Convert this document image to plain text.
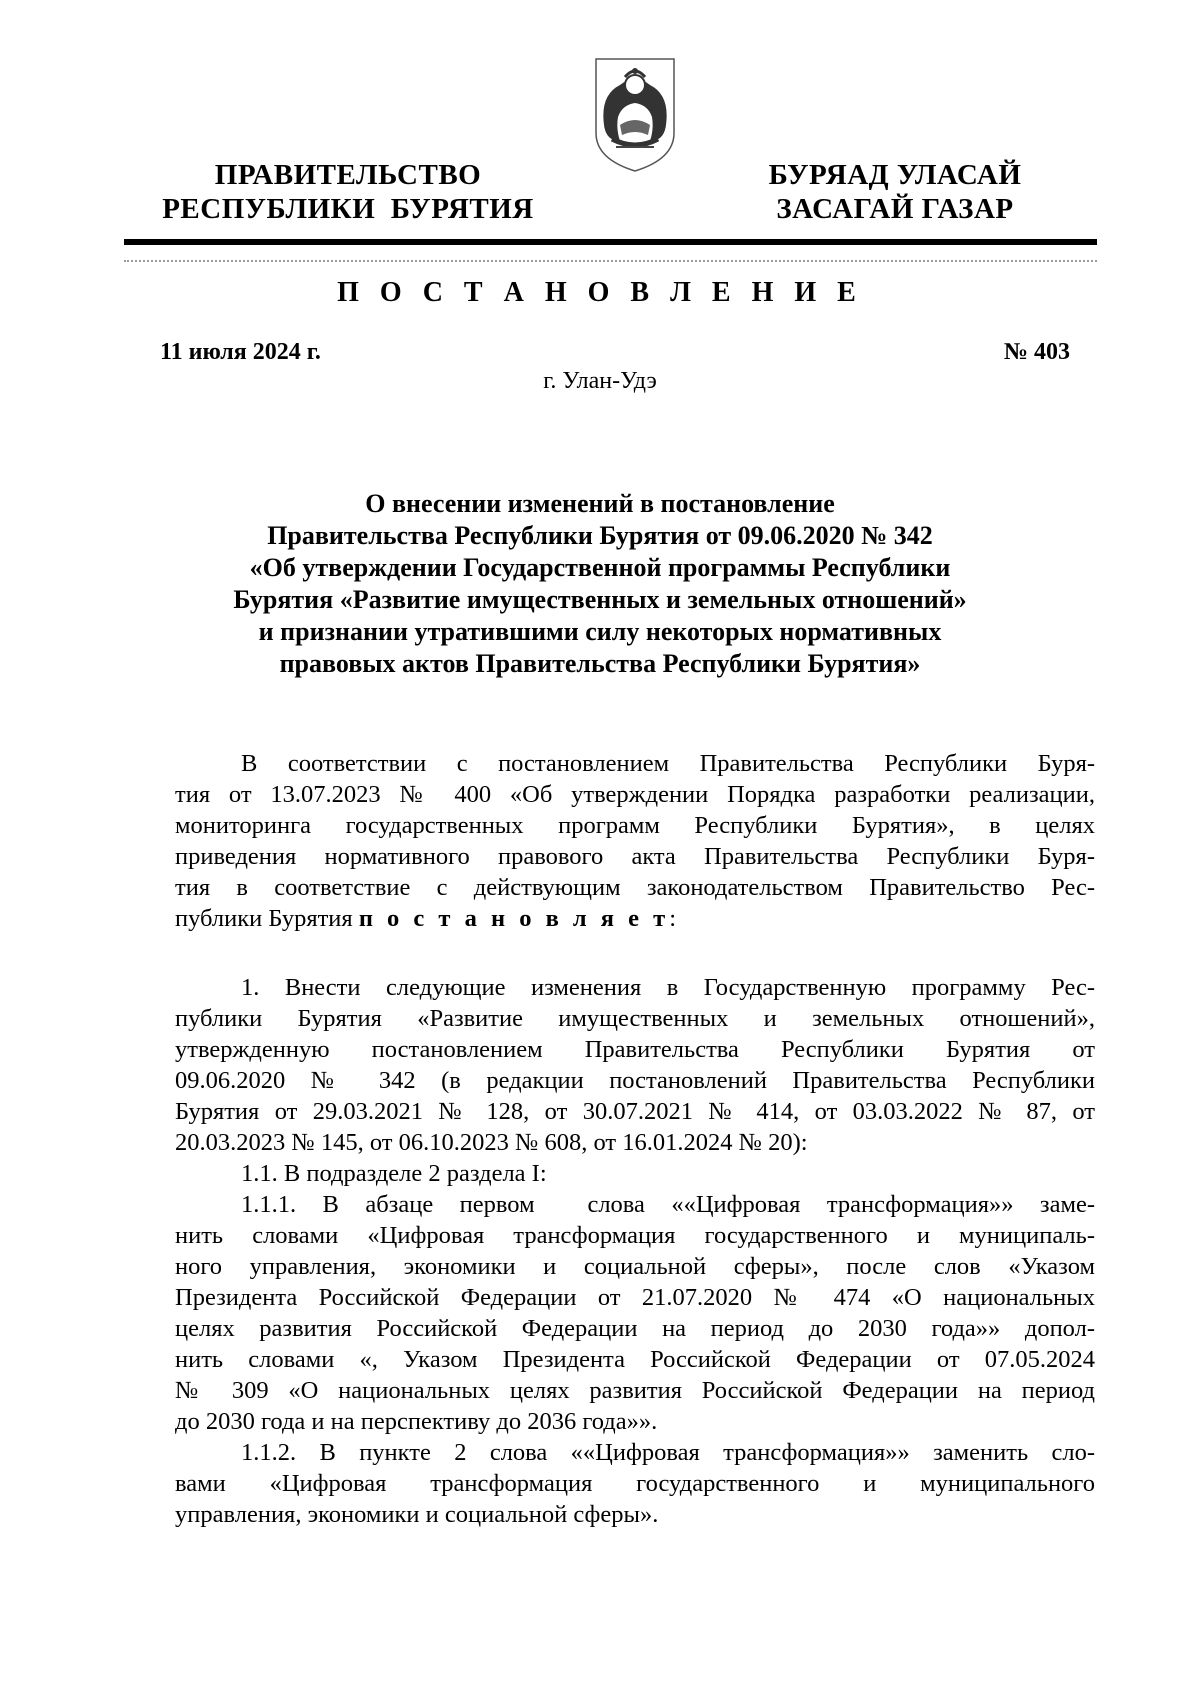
ПРАВИТЕЛЬСТВО
РЕСПУБЛИКИ  БУРЯТИЯ
БУРЯАД УЛАСАЙ
ЗАСАГАЙ ГАЗАР
П О С Т А Н О В Л Е Н И Е
11 июля 2024 г.	№ 403
г. Улан-Удэ
О внесении изменений в постановление
Правительства Республики Бурятия от 09.06.2020 № 342
«Об утверждении Государственной программы Республики
Бурятия «Развитие имущественных и земельных отношений»
и признании утратившими силу некоторых нормативных
правовых актов Правительства Республики Бурятия»
В соответствии с постановлением Правительства Республики Буря-
тия от 13.07.2023 № 400 «Об утверждении Порядка разработки реализации,
мониторинга государственных программ Республики Бурятия», в целях
приведения нормативного правового акта Правительства Республики Буря-
тия в соответствие с действующим законодательством Правительство Рес-
публики Бурятия п о с т а н о в л я е т:
1. Внести следующие изменения в Государственную программу Рес-
публики Бурятия «Развитие имущественных и земельных отношений»,
утвержденную постановлением Правительства Республики Бурятия от
09.06.2020 № 342 (в редакции постановлений Правительства Республики
Бурятия от 29.03.2021 № 128, от 30.07.2021 № 414, от 03.03.2022 № 87, от
20.03.2023 № 145, от 06.10.2023 № 608, от 16.01.2024 № 20):
1.1. В подразделе 2 раздела I:
1.1.1. В абзаце первом  слова ««Цифровая трансформация»» заме-
нить словами «Цифровая трансформация государственного и муниципаль-
ного управления, экономики и социальной сферы», после слов «Указом
Президента Российской Федерации от 21.07.2020 № 474 «О национальных
целях развития Российской Федерации на период до 2030 года»» допол-
нить словами «, Указом Президента Российской Федерации от 07.05.2024
№ 309 «О национальных целях развития Российской Федерации на период
до 2030 года и на перспективу до 2036 года»».
1.1.2. В пункте 2 слова ««Цифровая трансформация»» заменить сло-
вами «Цифровая трансформация государственного и муниципального
управления, экономики и социальной сферы».
